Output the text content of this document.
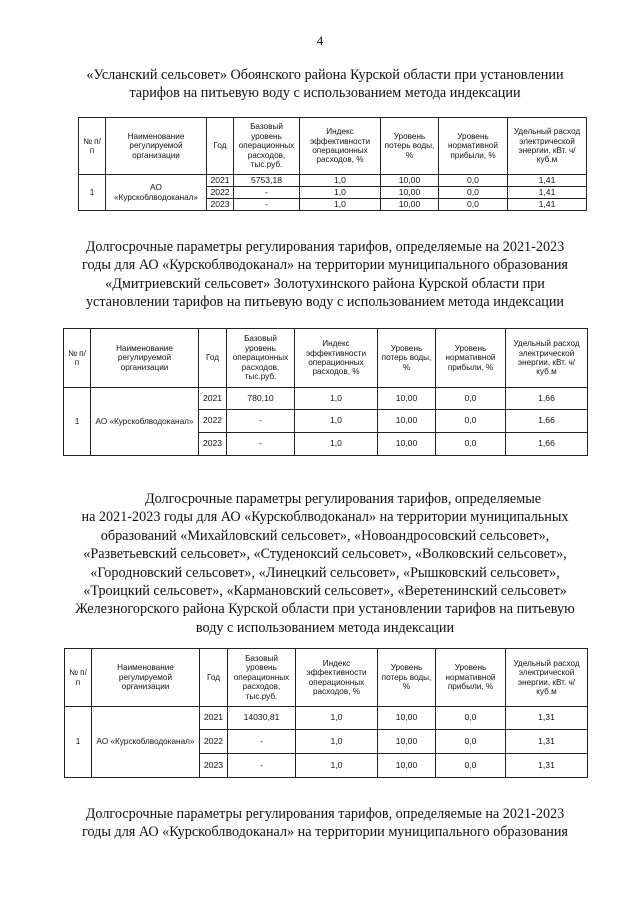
4
«Усланский сельсовет» Обоянского района Курской области при установлении
тарифов на питьевую воду с использованием метода индексации
№ п/п	Наименование регулируемой организации	Год	Базовый уровень операционных расходов, тыс.руб.	Индекс эффективности операционных расходов, %	Уровень потерь воды, %	Уровень нормативной прибыли, %	Удельный расход электрической энергии, кВт. ч/куб.м
1	АО «Курскоблводоканал»	2021	5753,18	1,0	10,00	0,0	1,41
		2022	-	1,0	10,00	0,0	1,41
		2023	-	1,0	10,00	0,0	1,41
Долгосрочные параметры регулирования тарифов, определяемые на 2021-2023
годы для АО «Курскоблводоканал» на территории муниципального образования
«Дмитриевский сельсовет» Золотухинского района Курской области при
установлении тарифов на питьевую воду с использованием метода индексации
№ п/п	Наименование регулируемой организации	Год	Базовый уровень операционных расходов, тыс.руб.	Индекс эффективности операционных расходов, %	Уровень потерь воды, %	Уровень нормативной прибыли, %	Удельный расход электрической энергии, кВт. ч/куб.м
1	АО «Курскоблводоканал»	2021	780,10	1,0	10,00	0,0	1,66
		2022	-	1,0	10,00	0,0	1,66
		2023	-	1,0	10,00	0,0	1,66
Долгосрочные параметры регулирования тарифов, определяемые
на 2021-2023 годы для АО «Курскоблводоканал» на территории муниципальных
образований «Михайловский сельсовет», «Новоандросовский сельсовет»,
«Разветьевский сельсовет», «Студеноксий сельсовет», «Волковский сельсовет»,
«Городновский сельсовет», «Линецкий сельсовет», «Рышковский сельсовет»,
«Троицкий сельсовет», «Кармановский сельсовет», «Веретенинский сельсовет»
Железногорского района Курской области при установлении тарифов на питьевую
воду с использованием метода индексации
№ п/п	Наименование регулируемой организации	Год	Базовый уровень операционных расходов, тыс.руб.	Индекс эффективности операционных расходов, %	Уровень потерь воды, %	Уровень нормативной прибыли, %	Удельный расход электрической энергии, кВт. ч/куб.м
1	АО «Курскоблводоканал»	2021	14030,81	1,0	10,00	0,0	1,31
		2022	-	1,0	10,00	0,0	1,31
		2023	-	1,0	10,00	0,0	1,31
Долгосрочные параметры регулирования тарифов, определяемые на 2021-2023
годы для АО «Курскоблводоканал» на территории муниципального образования
